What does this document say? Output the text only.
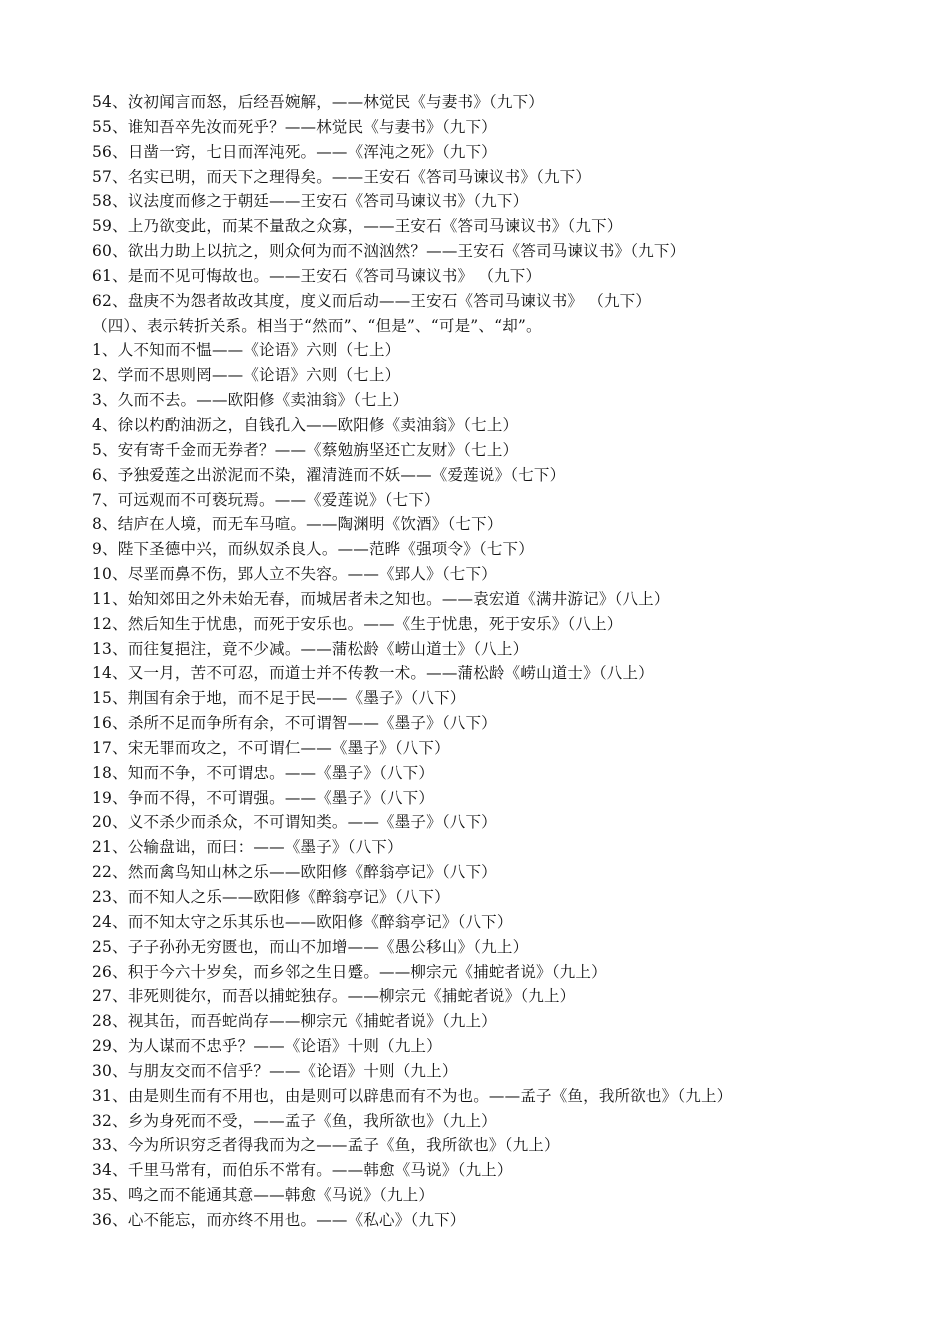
54、汝初闻言而怒，后经吾婉解，——林觉民《与妻书》（九下）
55、谁知吾卒先汝而死乎？——林觉民《与妻书》（九下）
56、日凿一窍，七日而浑沌死。——《浑沌之死》（九下）
57、名实已明，而天下之理得矣。——王安石《答司马谏议书》（九下）
58、议法度而修之于朝廷——王安石《答司马谏议书》（九下）
59、上乃欲变此，而某不量敌之众寡，——王安石《答司马谏议书》（九下）
60、欲出力助上以抗之，则众何为而不汹汹然？——王安石《答司马谏议书》（九下）
61、是而不见可悔故也。——王安石《答司马谏议书》 （九下）
62、盘庚不为怨者故改其度，度义而后动——王安石《答司马谏议书》 （九下）
（四）、表示转折关系。相当于“然而”、“但是”、“可是”、“却”。
1、人不知而不愠——《论语》六则（七上）
2、学而不思则罔——《论语》六则（七上）
3、久而不去。——欧阳修《卖油翁》（七上）
4、徐以杓酌油沥之，自钱孔入——欧阳修《卖油翁》（七上）
5、安有寄千金而无券者？——《蔡勉旃坚还亡友财》（七上）
6、予独爱莲之出淤泥而不染，濯清涟而不妖——《爱莲说》（七下）
7、可远观而不可亵玩焉。——《爱莲说》（七下）
8、结庐在人境，而无车马喧。——陶渊明《饮酒》（七下）
9、陛下圣德中兴，而纵奴杀良人。——范晔《强项令》（七下）
10、尽垩而鼻不伤，郢人立不失容。——《郢人》（七下）
11、始知郊田之外未始无春，而城居者未之知也。——袁宏道《满井游记》（八上）
12、然后知生于忧患，而死于安乐也。——《生于忧患，死于安乐》（八上）
13、而往复挹注，竟不少减。——蒲松龄《崂山道士》（八上）
14、又一月，苦不可忍，而道士并不传教一术。——蒲松龄《崂山道士》（八上）
15、荆国有余于地，而不足于民——《墨子》（八下）
16、杀所不足而争所有余，不可谓智——《墨子》（八下）
17、宋无罪而攻之，不可谓仁——《墨子》（八下）
18、知而不争，不可谓忠。——《墨子》（八下）
19、争而不得，不可谓强。——《墨子》（八下）
20、义不杀少而杀众，不可谓知类。——《墨子》（八下）
21、公输盘诎，而曰：——《墨子》（八下）
22、然而禽鸟知山林之乐——欧阳修《醉翁亭记》（八下）
23、而不知人之乐——欧阳修《醉翁亭记》（八下）
24、而不知太守之乐其乐也——欧阳修《醉翁亭记》（八下）
25、子子孙孙无穷匮也，而山不加增——《愚公移山》（九上）
26、积于今六十岁矣，而乡邻之生日蹙。——柳宗元《捕蛇者说》（九上）
27、非死则徙尔，而吾以捕蛇独存。——柳宗元《捕蛇者说》（九上）
28、视其缶，而吾蛇尚存——柳宗元《捕蛇者说》（九上）
29、为人谋而不忠乎？——《论语》十则（九上）
30、与朋友交而不信乎？——《论语》十则（九上）
31、由是则生而有不用也，由是则可以辟患而有不为也。——孟子《鱼，我所欲也》（九上）
32、乡为身死而不受，——孟子《鱼，我所欲也》（九上）
33、今为所识穷乏者得我而为之——孟子《鱼，我所欲也》（九上）
34、千里马常有，而伯乐不常有。——韩愈《马说》（九上）
35、鸣之而不能通其意——韩愈《马说》（九上）
36、心不能忘，而亦终不用也。——《私心》（九下）
